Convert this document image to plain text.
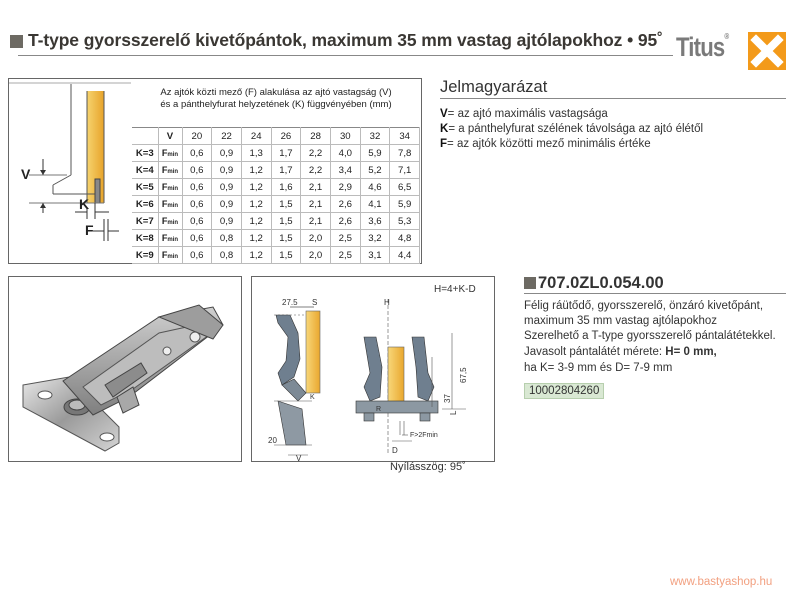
T-type gyorsszerelő kivetőpántok, maximum 35 mm vastag ajtólapokhoz • 95˚ Titus®
V
K
F
Az ajtók közti mező (F) alakulása az ajtó vastagság (V)
és a pánthelyfurat helyzetének (K) függvényében (mm)
	V	20	22	24	26	28	30	32	34
K=3	Fmin	0,6	0,9	1,3	1,7	2,2	4,0	5,9	7,8
K=4	Fmin	0,6	0,9	1,2	1,7	2,2	3,4	5,2	7,1
K=5	Fmin	0,6	0,9	1,2	1,6	2,1	2,9	4,6	6,5
K=6	Fmin	0,6	0,9	1,2	1,5	2,1	2,6	4,1	5,9
K=7	Fmin	0,6	0,9	1,2	1,5	2,1	2,6	3,6	5,3
K=8	Fmin	0,6	0,8	1,2	1,5	2,0	2,5	3,2	4,8
K=9	Fmin	0,6	0,8	1,2	1,5	2,0	2,5	3,1	4,4
H=4+K-D
27.5 S
K
20
V
H
R
37
67,5
L
F>2Fmin
D
Nyílásszög: 95˚
Jelmagyarázat
V= az ajtó maximális vastagsága
K= a pánthelyfurat szélének távolsága az ajtó élétől
F= az ajtók közötti mező minimális értéke
707.0ZL0.054.00
Félig ráütődő, gyorsszerelő, önzáró kivetőpánt,
maximum 35 mm vastag ajtólapokhoz
Szerelhető a T-type gyorsszerelő pántalátétekkel.
Javasolt pántalátét mérete: H= 0 mm,
ha K= 3-9 mm és D= 7-9 mm
10002804260
www.bastyashop.hu
